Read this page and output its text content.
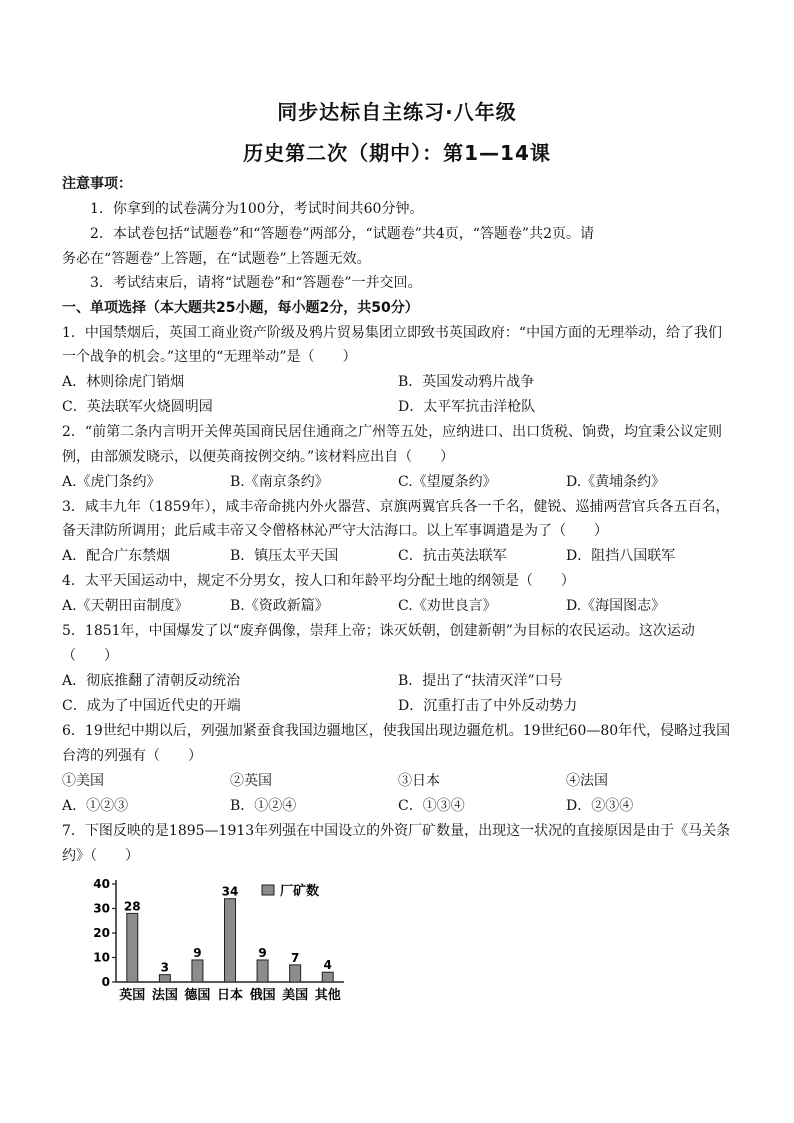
同步达标自主练习·八年级
历史第二次（期中）：第1—14课
注意事项：
1．你拿到的试卷满分为100分，考试时间共60分钟。
2．本试卷包括“试题卷”和“答题卷”两部分，“试题卷”共4页，“答题卷”共2页。请
务必在“答题卷”上答题，在“试题卷”上答题无效。
3．考试结束后，请将“试题卷”和“答题卷”一并交回。
一、单项选择（本大题共25小题，每小题2分，共50分）
1．中国禁烟后，英国工商业资产阶级及鸦片贸易集团立即致书英国政府：“中国方面的无理举动，给了我们
一个战争的机会。”这里的“无理举动”是（　　）
A．林则徐虎门销烟	B．英国发动鸦片战争
C．英法联军火烧圆明园	D．太平军抗击洋枪队
2．“前第二条内言明开关俾英国商民居住通商之广州等五处，应纳进口、出口货税、饷费，均宜秉公议定则
例，由部颁发晓示，以便英商按例交纳。”该材料应出自（　　）
A.《虎门条约》	B.《南京条约》	C.《望厦条约》	D.《黄埔条约》
3．咸丰九年（1859年），咸丰帝命挑内外火器营、京旗两翼官兵各一千名，健锐、巡捕两营官兵各五百名，
备天津防所调用；此后咸丰帝又令僧格林沁严守大沽海口。以上军事调遣是为了（　　）
A．配合广东禁烟	B．镇压太平天国	C．抗击英法联军	D．阻挡八国联军
4．太平天国运动中，规定不分男女，按人口和年龄平均分配土地的纲领是（　　）
A.《天朝田亩制度》	B.《资政新篇》	C.《劝世良言》	D.《海国图志》
5．1851年，中国爆发了以“废弃偶像，崇拜上帝；诛灭妖朝，创建新朝”为目标的农民运动。这次运动
（　　）
A．彻底推翻了清朝反动统治	B．提出了“扶清灭洋”口号
C．成为了中国近代史的开端	D．沉重打击了中外反动势力
6．19世纪中期以后，列强加紧蚕食我国边疆地区，使我国出现边疆危机。19世纪60—80年代，侵略过我国
台湾的列强有（　　）
①美国	②英国	③日本	④法国
A．①②③	B．①②④	C．①③④	D．②③④
7．下图反映的是1895—1913年列强在中国设立的外资厂矿数量，出现这一状况的直接原因是由于《马关条
约》（　　）
0
10
20
30
40
28
英国
3
法国
9
德国
34
日本
9
俄国
7
美国
4
其他
厂矿数
